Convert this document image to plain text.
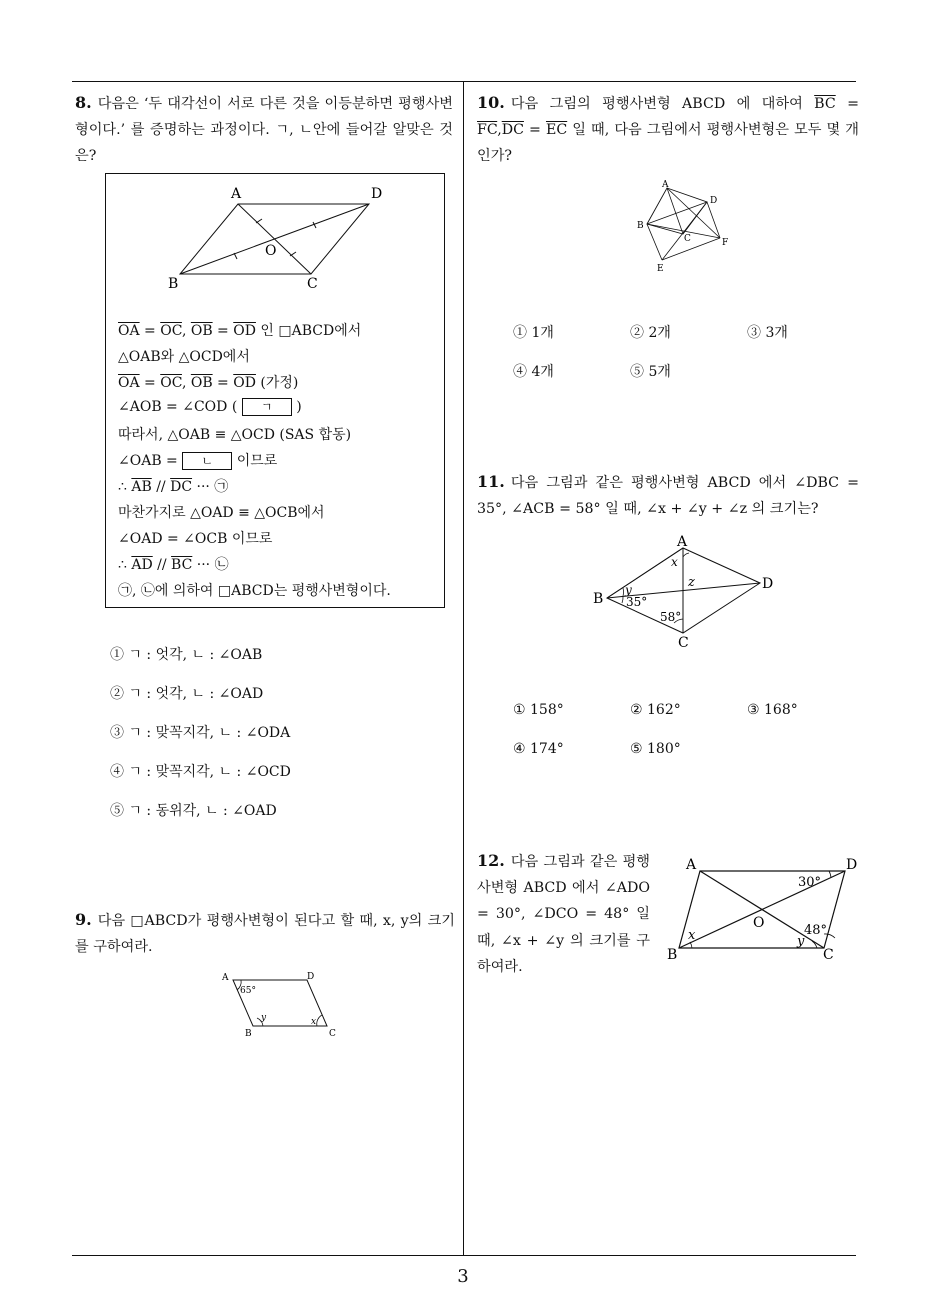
3
8. 다음은 ‘두 대각선이 서로 다른 것을 이등분하면 평행사변형이다.’ 를 증명하는 과정이다. ㄱ, ㄴ안에 들어갈 알맞은 것은?
A	D
B	C
O
$\overline{OA} = \overline{OC}$, $\overline{OB} = \overline{OD}$ 인 □ABCD에서
△OAB와 △OCD에서
$\overline{OA} = \overline{OC}$, $\overline{OB} = \overline{OD}$ (가정)
∠AOB = ∠COD ( ㄱ )
따라서, △OAB ≡ △OCD (SAS 합동)
∠OAB = ㄴ 이므로
∴ $\overline{AB} // \overline{DC}$ ··· ㉠
마찬가지로 △OAD ≡ △OCB에서
∠OAD = ∠OCB 이므로
∴ $\overline{AD} // \overline{BC}$ ··· ㉡
㉠, ㉡에 의하여 □ABCD는 평행사변형이다.
① ㄱ : 엇각, ㄴ : ∠OAB
② ㄱ : 엇각, ㄴ : ∠OAD
③ ㄱ : 맞꼭지각, ㄴ : ∠ODA
④ ㄱ : 맞꼭지각, ㄴ : ∠OCD
⑤ ㄱ : 동위각, ㄴ : ∠OAD
9. 다음 □ABCD가 평행사변형이 된다고 할 때, x, y의 크기를 구하여라.
A	D
B	C
65°
y	x
10. 다음 그림의 평행사변형 ABCD 에 대하여 $\overline{BC} = \overline{FC},\overline{DC} = \overline{EC}$ 일 때, 다음 그림에서 평행사변형은 모두 몇 개인가?
A
D
B
C
E
F
① 1개	② 2개	③ 3개
④ 4개	⑤ 5개
11. 다음 그림과 같은 평행사변형 ABCD 에서 ∠DBC = 35°, ∠ACB = 58° 일 때, ∠x + ∠y + ∠z 의 크기는?
A
B
C
D
x
z
y
35°
58°
① 158°	② 162°	③ 168°
④ 174°	⑤ 180°
12. 다음 그림과 같은 평행사변형 ABCD 에서 ∠ADO = 30°, ∠DCO = 48° 일 때, ∠x + ∠y 의 크기를 구하여라.
A	D
B	C
O
30°
48°
x	y
